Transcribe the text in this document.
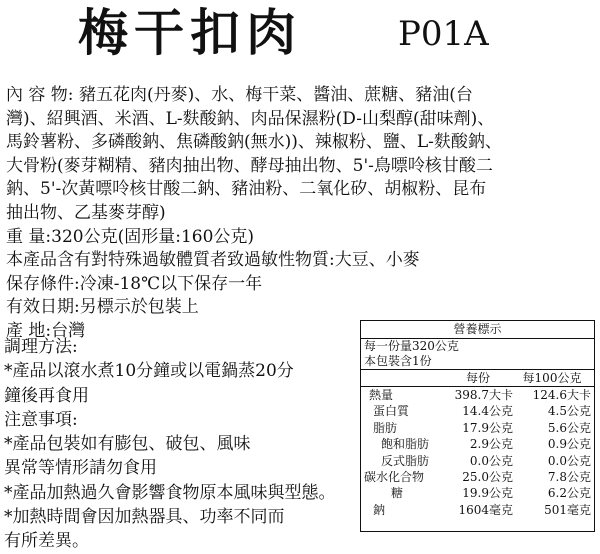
梅干扣肉	P01A
內 容 物: 豬五花肉(丹麥)、水、梅干菜、醬油、蔗糖、豬油(台
灣)、紹興酒、米酒、L-麩酸鈉、肉品保濕粉(D-山梨醇(甜味劑)、
馬鈴薯粉、多磷酸鈉、焦磷酸鈉(無水))、辣椒粉、鹽、L-麩酸鈉、
大骨粉(麥芽糊精、豬肉抽出物、酵母抽出物、5'-鳥嘌呤核甘酸二
鈉、5'-次黃嘌呤核甘酸二鈉、豬油粉、二氧化矽、胡椒粉、昆布
抽出物、乙基麥芽醇)
重 量:320公克(固形量:160公克)
本產品含有對特殊過敏體質者致過敏性物質:大豆、小麥
保存條件:冷凍-18℃以下保存一年
有效日期:另標示於包裝上
產 地:台灣
調理方法:
*產品以滾水煮10分鐘或以電鍋蒸20分
鐘後再食用
注意事項:
*產品包裝如有膨包、破包、風味
異常等情形請勿食用
*產品加熱過久會影響食物原本風味與型態。
*加熱時間會因加熱器具、功率不同而
有所差異。
營養標示
每一份量320公克
本包裝含1份
每份	每100公克
熱量	398.7大卡	124.6大卡
蛋白質	14.4公克	4.5公克
脂肪	17.9公克	5.6公克
飽和脂肪	2.9公克	0.9公克
反式脂肪	0.0公克	0.0公克
碳水化合物	25.0公克	7.8公克
糖	19.9公克	6.2公克
鈉	1604毫克	501毫克
